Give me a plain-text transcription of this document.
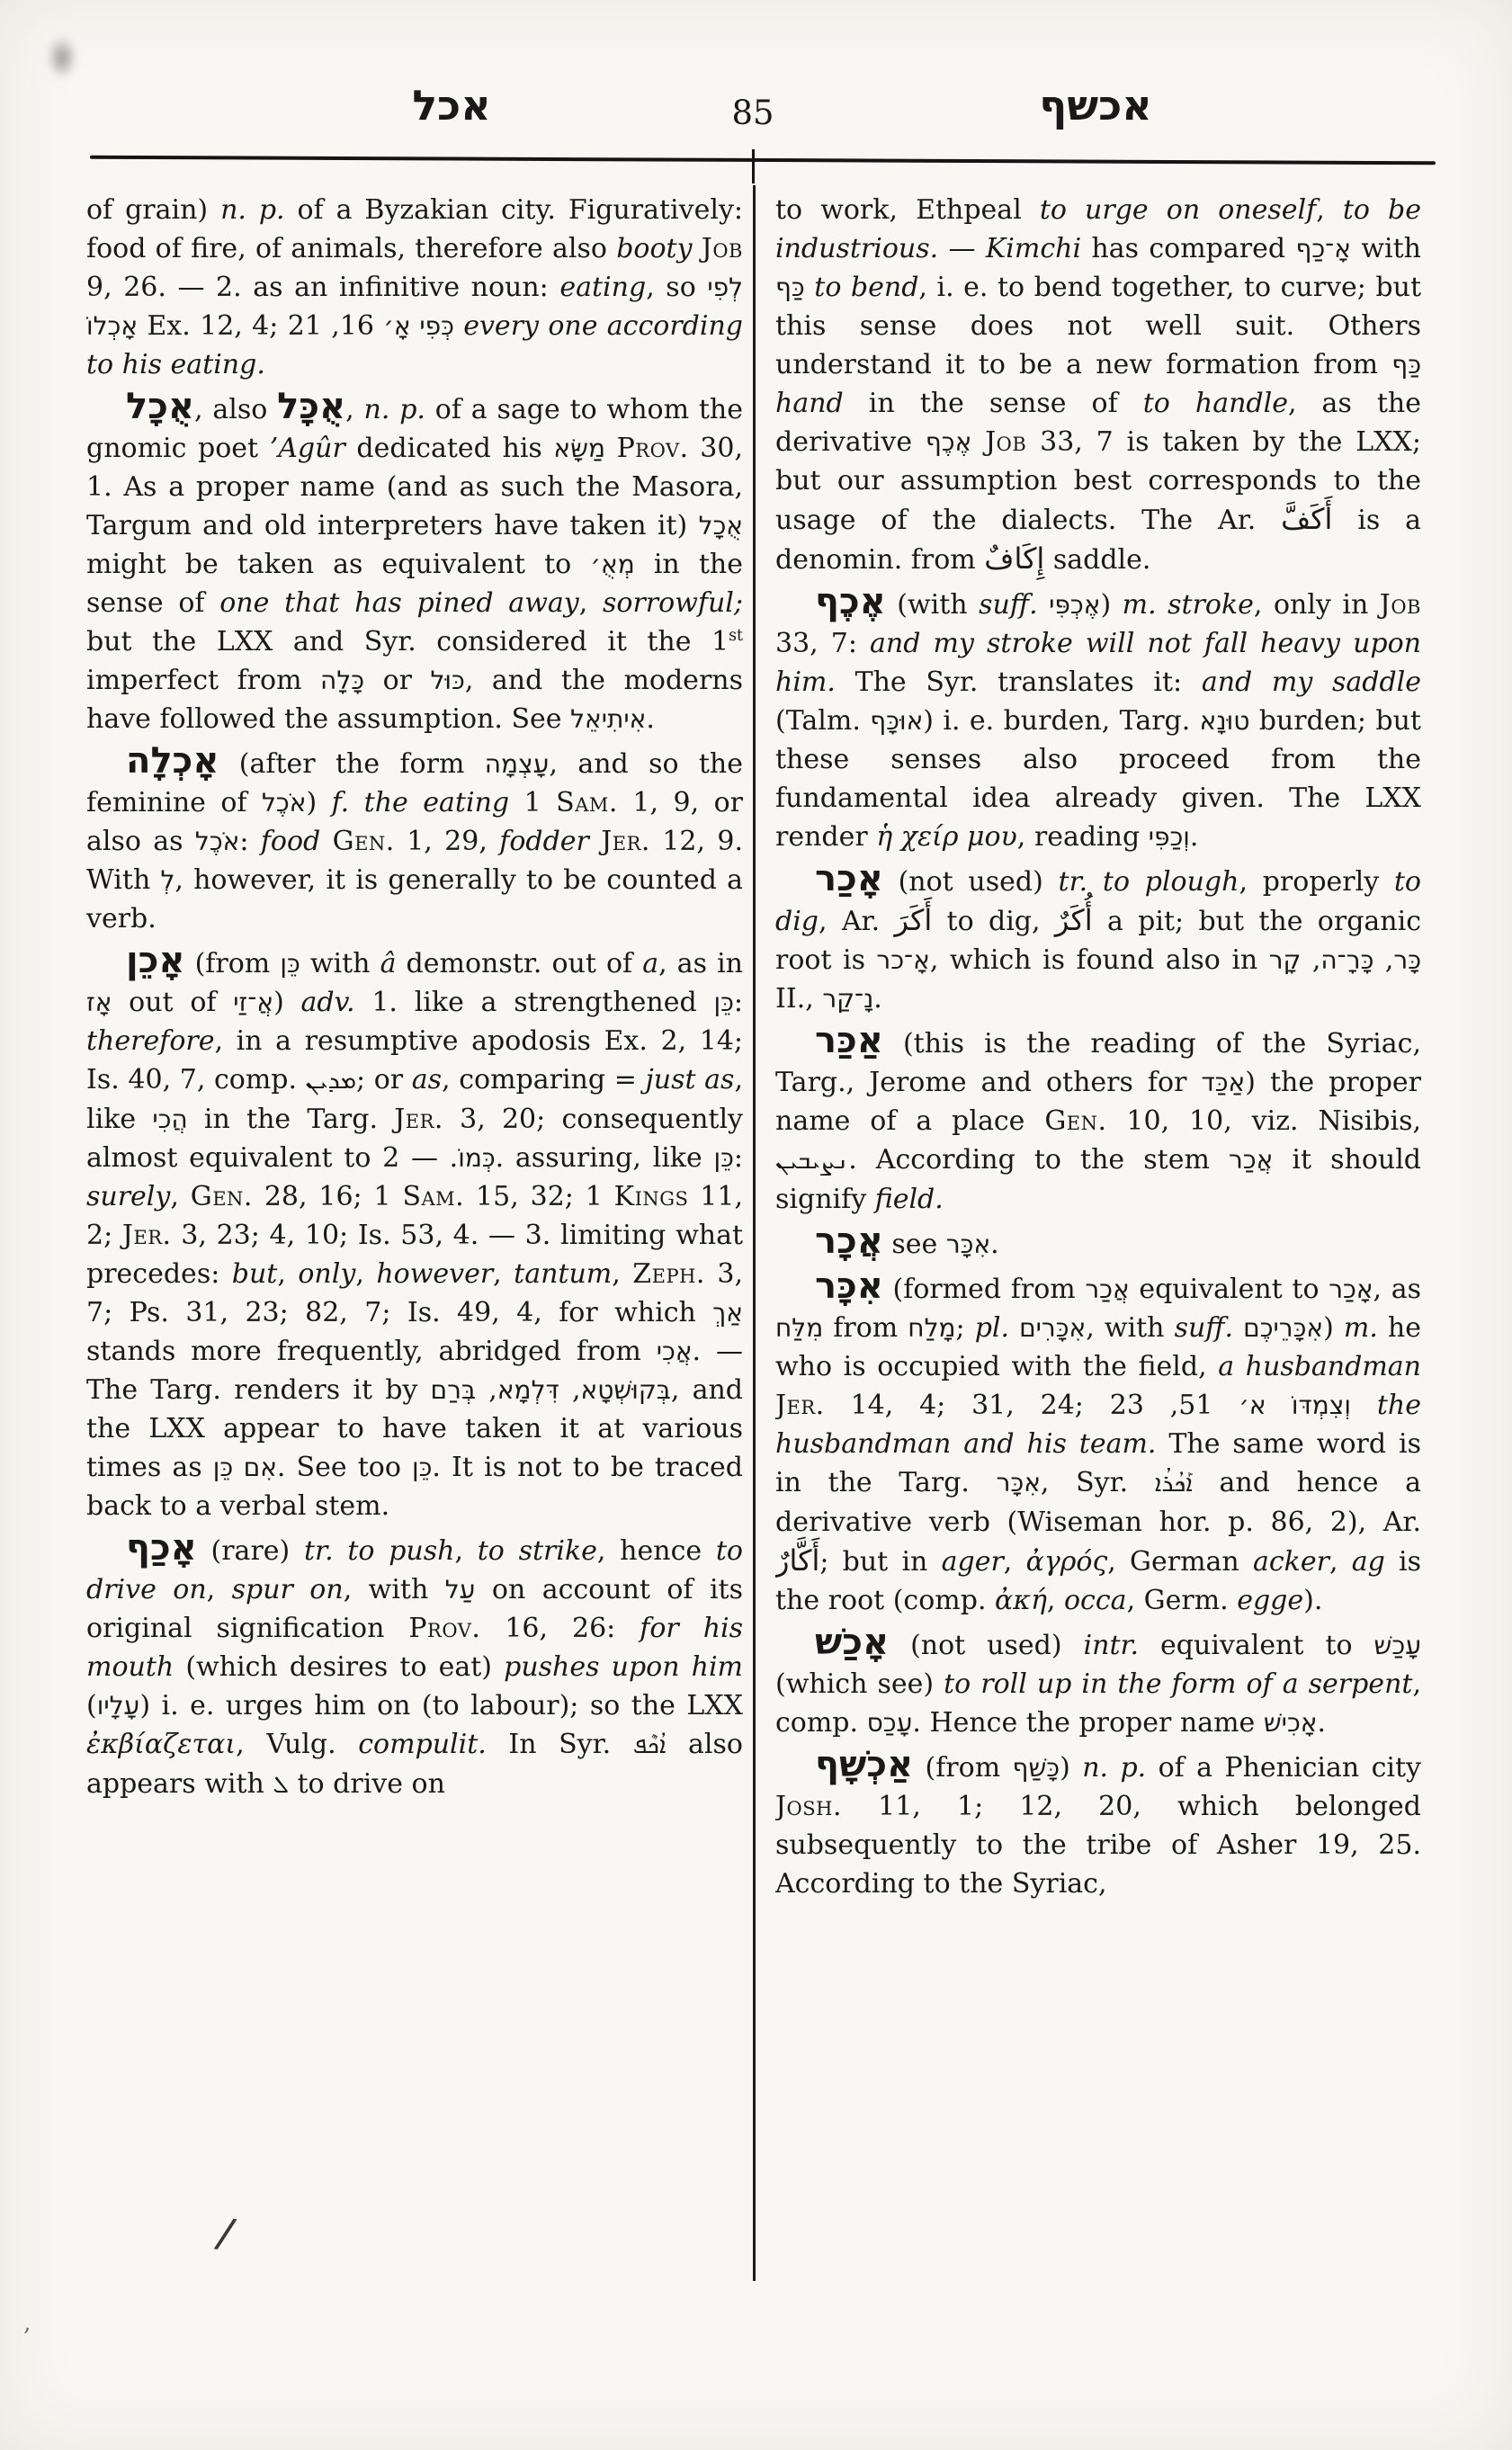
אכל	85	אכשף

of grain) n. p. of a Byzakian city. Figuratively: food of fire, of animals, therefore also booty Job 9, 26. — 2. as an infinitive noun: eating, so לְפִי אָכְלוֹ Ex. 12, 4;	כְּפִי אָ׳ 16, 21 every one according to his eating.

אֻכָל, also אֻכָּל, n. p. of a sage to whom the gnomic poet ’Agûr dedicated his מַשָּׂא Prov. 30, 1. As a proper name (and as such the Masora, Targum and old interpreters have taken it) אֻכָל might be taken as equivalent to מְאֻ׳ in the sense of one that has pined away, sorrowful; but the LXX and Syr. considered it the 1st imperfect from כָּלָה or כּוּל, and the moderns have followed the assumption. See אִיתִיאֵל.

אָכְלָה (after the form עָצְמָה, and so the feminine of אֹכֶל) f. the eating 1 Sam. 1, 9, or also as אֹכֶל: food Gen. 1, 29, fodder Jer. 12, 9. With לְ, however, it is generally to be counted a verb.

אָכֵן (from כֵּן with â demonstr. out of a, as in אָז out of אֲ־זַי) adv. 1. like a strengthened כֵּן: therefore, in a resumptive apodosis Ex. 2, 14; Is. 40, 7, comp. ܡܕܝܢ; or as, comparing = just as, like הֲכִי in the Targ. Jer. 3, 20; consequently almost equivalent to	כְּמוֹ. — 2. assuring, like כֵּן: surely, Gen. 28, 16; 1 Sam. 15, 32; 1 Kings 11, 2; Jer. 3, 23; 4, 10; Is. 53, 4. — 3. limiting what precedes: but, only, however, tantum, Zeph. 3, 7; Ps. 31, 23; 82, 7; Is. 49, 4, for which אַךְ stands more frequently, abridged from אֲכִי. — The Targ. renders it by	בְּקוּשְׁטָא, דִּלְמָא, בְּרַם	, and the LXX appear to have taken it at various times as אִם כֵּן. See too כֵּן. It is not to be traced back to a verbal stem.

אָכַף (rare) tr. to push, to strike, hence to drive on, spur on, with עַל on account of its original signification Prov. 16, 26: for his mouth (which desires to eat) pushes upon him (עָלָיו) i. e. urges him on (to labour); so the LXX ἐκβίαζεται, Vulg. compulit. In Syr. ܐܳܟܶܦ also appears with ܠ to drive on

to work, Ethpeal to urge on oneself, to be industrious. — Kimchi has compared אָ־כַף with כַּף to bend, i. e. to bend together, to curve; but this sense does not well suit. Others understand it to be a new formation from כַּף hand in the sense of to handle, as the derivative אֶכֶף Job 33, 7 is taken by the LXX; but our assumption best corresponds to the usage of the dialects. The Ar. أَكَفَّ is a denomin. from إِكَافٌ saddle.

אֶכֶף (with suff. אֶכְפִּי) m. stroke, only in Job 33, 7: and my stroke will not fall heavy upon him. The Syr. translates it: and my saddle (Talm. אוּכָּף) i. e. burden, Targ. טוּנָא burden; but these senses also proceed from the fundamental idea already given. The LXX render ἡ χείρ μου, reading וְכַפִּי.

אָכַר (not used) tr. to plough, properly to dig, Ar. أَكَرَ to dig, أُكَرٌ a pit; but the organic root is אָ־כר, which is found also in	כָּר, כָּרָ־ה, קָר II., נָ־קַר.

אַכַּר (this is the reading of the Syriac, Targ., Jerome and others for אַכַּד) the proper name of a place Gen. 10, 10, viz. Nisibis, ܢܨܝܒܝܢ. According to the stem אֲכַר it should signify field.

אֲכָר see אִכָּר.

אִכָּר (formed from אֲכַר equivalent to אָכַר, as מִלַּח from מָלַח; pl. אִכָּרִים, with suff. אִכָּרֵיכֶם) m. he who is occupied with the field, a husbandman Jer. 14, 4; 31, 24;	וְצִמְדּוֹ א׳ 51, 23 the husbandman and his team. The same word is in the Targ. אִכָּר, Syr. ܐܰܟּܳܪܳܐ and hence a derivative verb (Wiseman hor. p. 86, 2), Ar. أَكَّارٌ; but in ager, ἀγρός, German acker, ag is the root (comp. ἀκή, occa, Germ. egge).

אָכַשׁ (not used) intr. equivalent to עָכַשׁ (which see) to roll up in the form of a serpent, comp. עָכַס. Hence the proper name אָכִישׁ.

אַכְשָׁף (from כָּשַׁף) n. p. of a Phenician city Josh. 11, 1; 12, 20, which belonged subsequently to the tribe of Asher 19, 25. According to the Syriac,

/
‚
